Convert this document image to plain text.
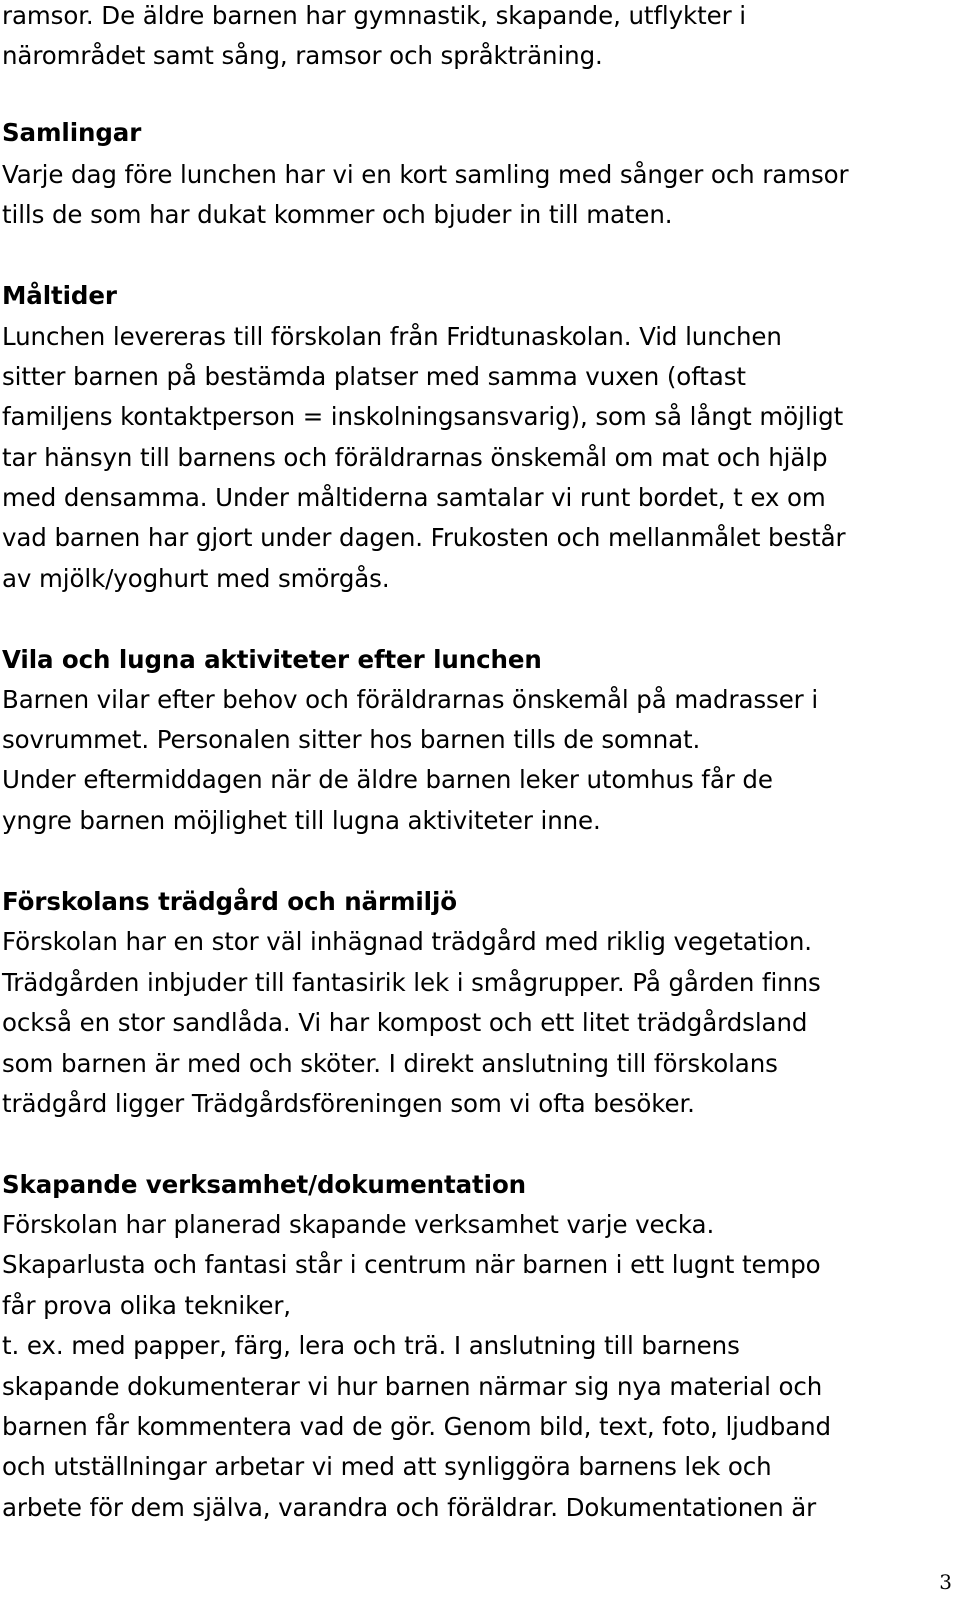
ramsor. De äldre barnen har gymnastik, skapande, utflykter i

närområdet samt sång, ramsor och språkträning.

Samlingar

Varje dag före lunchen har vi en kort samling med sånger och ramsor

tills de som har dukat kommer och bjuder in till maten.

Måltider

Lunchen levereras till förskolan från Fridtunaskolan. Vid lunchen

sitter barnen på bestämda platser med samma vuxen (oftast

familjens kontaktperson = inskolningsansvarig), som så långt möjligt

tar hänsyn till barnens och föräldrarnas önskemål om mat och hjälp

med densamma. Under måltiderna samtalar vi runt bordet, t ex om

vad barnen har gjort under dagen. Frukosten och mellanmålet består

av mjölk/yoghurt med smörgås.

Vila och lugna aktiviteter efter lunchen

Barnen vilar efter behov och föräldrarnas önskemål på madrasser i

sovrummet. Personalen sitter hos barnen tills de somnat.

Under eftermiddagen när de äldre barnen leker utomhus får de

yngre barnen möjlighet till lugna aktiviteter inne.

Förskolans trädgård och närmiljö

Förskolan har en stor väl inhägnad trädgård med riklig vegetation.

Trädgården inbjuder till fantasirik lek i smågrupper. På gården finns

också en stor sandlåda. Vi har kompost och ett litet trädgårdsland

som barnen är med och sköter. I direkt anslutning till förskolans

trädgård ligger Trädgårdsföreningen som vi ofta besöker.

Skapande verksamhet/dokumentation

Förskolan har planerad skapande verksamhet varje vecka.

Skaparlusta och fantasi står i centrum när barnen i ett lugnt tempo

får prova olika tekniker,

t. ex. med papper, färg, lera och trä. I anslutning till barnens

skapande dokumenterar vi hur barnen närmar sig nya material och

barnen får kommentera vad de gör. Genom bild, text, foto, ljudband

och utställningar arbetar vi med att synliggöra barnens lek och

arbete för dem själva, varandra och föräldrar. Dokumentationen är

3
